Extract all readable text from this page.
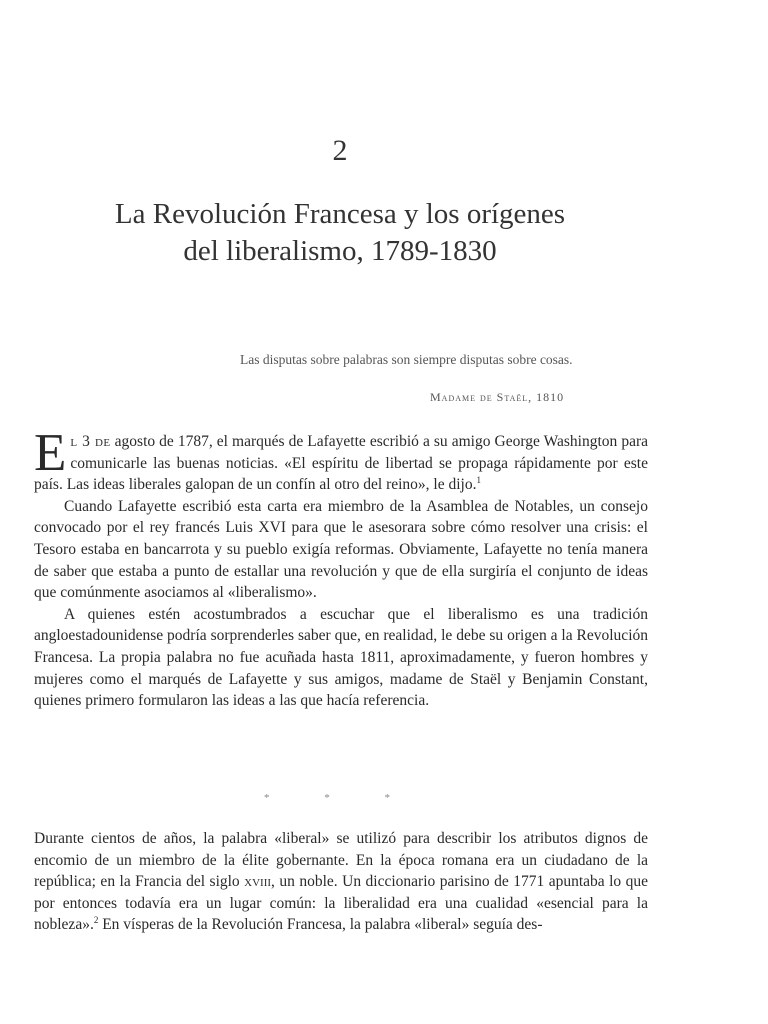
2
La Revolución Francesa y los orígenes
del liberalismo, 1789-1830
Las disputas sobre palabras son siempre disputas sobre cosas.
Madame de Staël, 1810

El 3 de agosto de 1787, el marqués de Lafayette escribió a su amigo George Washington para comunicarle las buenas noticias. «El espíritu de libertad se propaga rápidamente por este país. Las ideas liberales galopan de un confín al otro del reino», le dijo.$^1$

Cuando Lafayette escribió esta carta era miembro de la Asamblea de Notables, un consejo convocado por el rey francés Luis XVI para que le asesorara sobre cómo resolver una crisis: el Tesoro estaba en bancarrota y su pueblo exigía reformas. Obviamente, Lafayette no tenía manera de saber que estaba a punto de estallar una revolución y que de ella surgiría el conjunto de ideas que comúnmente asociamos al «liberalismo».

A quienes estén acostumbrados a escuchar que el liberalismo es una tradición angloestadounidense podría sorprenderles saber que, en realidad, le debe su origen a la Revolución Francesa. La propia palabra no fue acuñada hasta 1811, aproximadamente, y fueron hombres y mujeres como el marqués de Lafayette y sus amigos, madame de Staël y Benjamin Constant, quienes primero formularon las ideas a las que hacía referencia.

* * *

Durante cientos de años, la palabra «liberal» se utilizó para describir los atributos dignos de encomio de un miembro de la élite gobernante. En la época romana era un ciudadano de la república; en la Francia del siglo xviii, un noble. Un diccionario parisino de 1771 apuntaba lo que por entonces todavía era un lugar común: la liberalidad era una cualidad «esencial para la nobleza».$^2$ En vísperas de la Revolución Francesa, la palabra «liberal» seguía des-
